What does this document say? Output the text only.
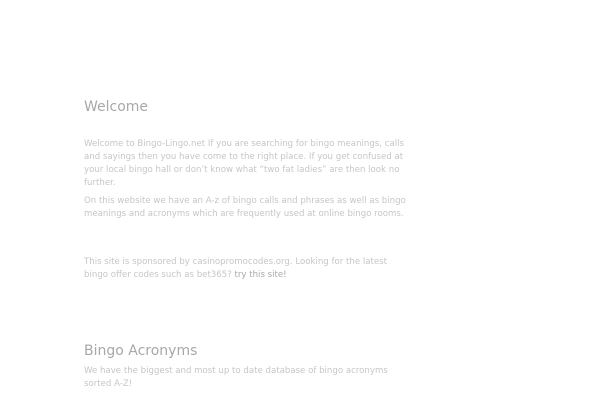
Welcome

Welcome to Bingo-Lingo.net If you are searching for bingo meanings, calls and sayings then you have come to the right place. If you get confused at your local bingo hall or don’t know what “two fat ladies” are then look no further.

On this website we have an A-z of bingo calls and phrases as well as bingo meanings and acronyms which are frequently used at online bingo rooms.

This site is sponsored by casinopromocodes.org. Looking for the latest bingo offer codes such as bet365? try this site!

Bingo Acronyms

We have the biggest and most up to date database of bingo acronyms sorted A-Z!
